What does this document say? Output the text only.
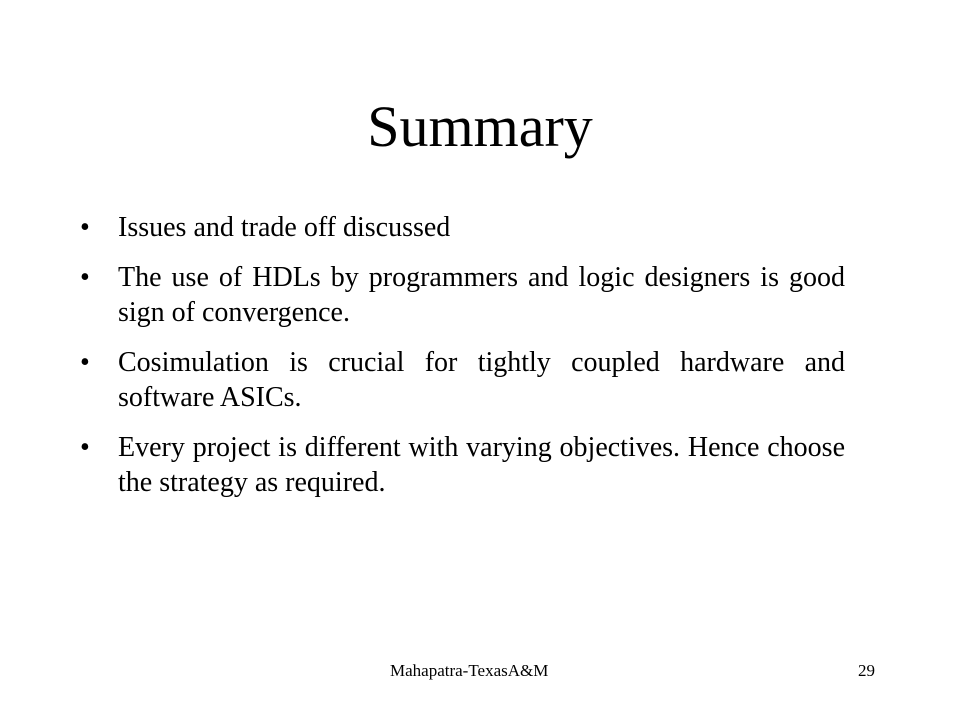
Summary
•	Issues and trade off discussed
•	The use of HDLs by programmers and logic designers is good sign of convergence.
•	Cosimulation is crucial for tightly coupled hardware and software ASICs.
•	Every project is different with varying objectives. Hence choose the strategy as required.
Mahapatra-TexasA&M	29
